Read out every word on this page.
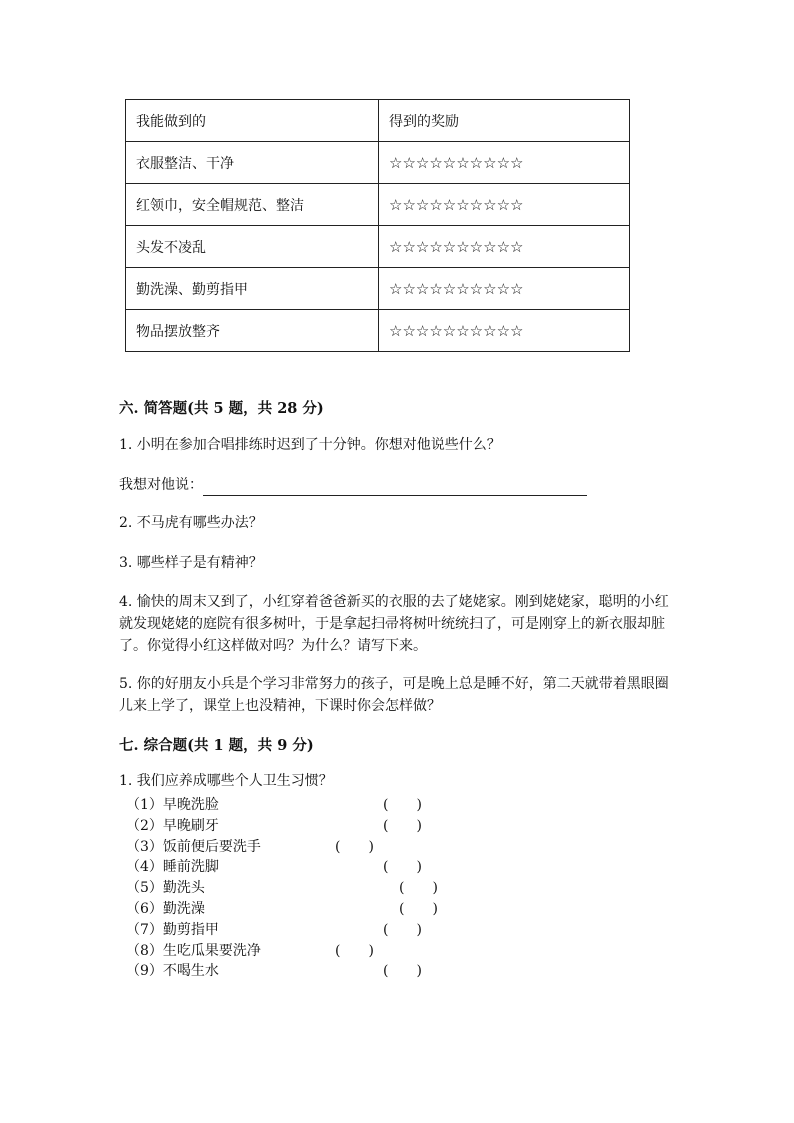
我能做到的	得到的奖励
衣服整洁、干净	☆☆☆☆☆☆☆☆☆☆
红领巾，安全帽规范、整洁	☆☆☆☆☆☆☆☆☆☆
头发不凌乱	☆☆☆☆☆☆☆☆☆☆
勤洗澡、勤剪指甲	☆☆☆☆☆☆☆☆☆☆
物品摆放整齐	☆☆☆☆☆☆☆☆☆☆
六. 简答题(共 5 题，共 28 分)
1. 小明在参加合唱排练时迟到了十分钟。你想对他说些什么？
我想对他说：
2. 不马虎有哪些办法？
3. 哪些样子是有精神？
4. 愉快的周末又到了，小红穿着爸爸新买的衣服的去了姥姥家。刚到姥姥家，聪明的小红就发现姥姥的庭院有很多树叶，于是拿起扫帚将树叶统统扫了，可是刚穿上的新衣服却脏了。你觉得小红这样做对吗？为什么？请写下来。
5. 你的好朋友小兵是个学习非常努力的孩子，可是晚上总是睡不好，第二天就带着黑眼圈儿来上学了，课堂上也没精神，下课时你会怎样做？
七. 综合题(共 1 题，共 9 分)
1. 我们应养成哪些个人卫生习惯？
（1）早晚洗脸	(　　)
（2）早晚刷牙	(　　)
（3）饭前便后要洗手	(　　)
（4）睡前洗脚	(　　)
（5）勤洗头	(　　)
（6）勤洗澡	(　　)
（7）勤剪指甲	(　　)
（8）生吃瓜果要洗净	(　　)
（9）不喝生水	(　　)
